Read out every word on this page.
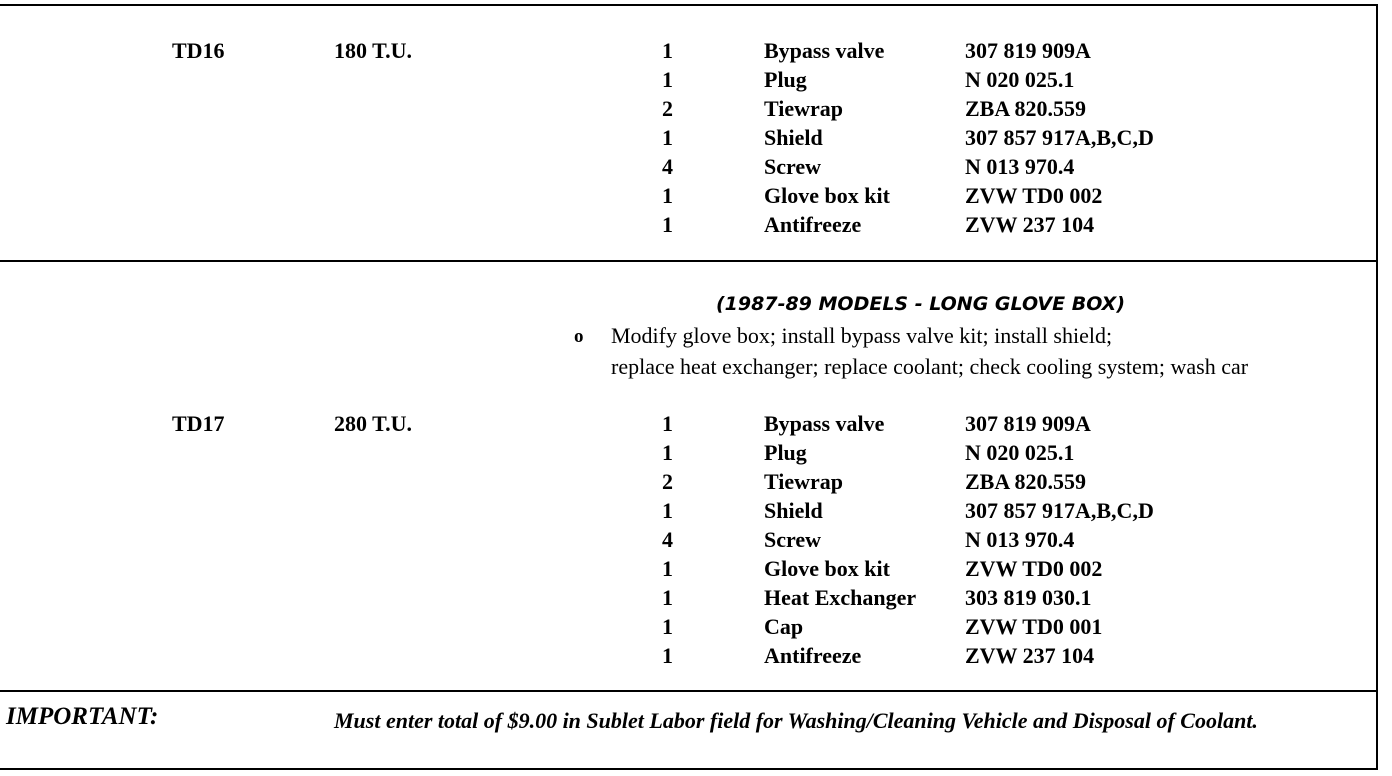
TD16	180 T.U.	1	Bypass valve	307 819 909A
1	Plug	N 020 025.1
2	Tiewrap	ZBA 820.559
1	Shield	307 857 917A,B,C,D
4	Screw	N 013 970.4
1	Glove box kit	ZVW TD0 002
1	Antifreeze	ZVW 237 104
(1987-89 MODELS - LONG GLOVE BOX)
o Modify glove box; install bypass valve kit; install shield;
replace heat exchanger; replace coolant; check cooling system; wash car
TD17	280 T.U.	1	Bypass valve	307 819 909A
1	Plug	N 020 025.1
2	Tiewrap	ZBA 820.559
1	Shield	307 857 917A,B,C,D
4	Screw	N 013 970.4
1	Glove box kit	ZVW TD0 002
1	Heat Exchanger 303 819 030.1
1	Cap	ZVW TD0 001
1	Antifreeze	ZVW 237 104
IMPORTANT:	Must enter total of $9.00 in Sublet Labor field for Washing/Cleaning Vehicle and Disposal of Coolant.
